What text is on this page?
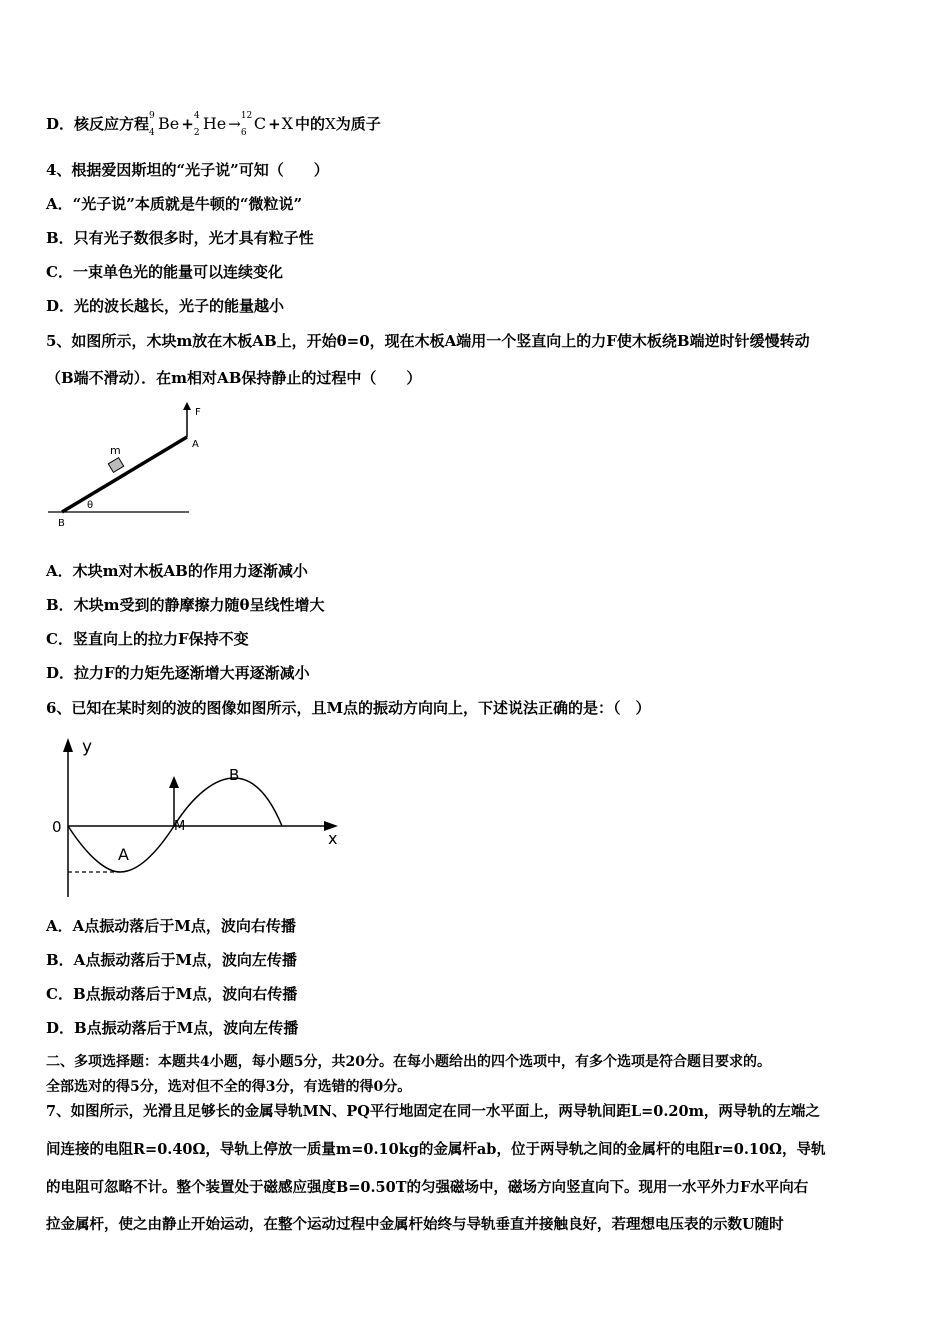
D．核反应方程 9
4 Be + 4
2 He → 12
6 C +X 中的X为质子
4、根据爱因斯坦的“光子说”可知（　　）
A．“光子说”本质就是牛顿的“微粒说”
B．只有光子数很多时，光才具有粒子性
C．一束单色光的能量可以连续变化
D．光的波长越长，光子的能量越小
5、如图所示，木块m放在木板AB上，开始θ=0，现在木板A端用一个竖直向上的力F使木板绕B端逆时针缓慢转动
（B端不滑动）．在m相对AB保持静止的过程中（　　）
F
A
m
θ
B
A．木块m对木板AB的作用力逐渐减小
B．木块m受到的静摩擦力随θ呈线性增大
C．竖直向上的拉力F保持不变
D．拉力F的力矩先逐渐增大再逐渐减小
6、已知在某时刻的波的图像如图所示，且M点的振动方向向上，下述说法正确的是：（　）
0
y
x
A
B
M
A．A点振动落后于M点，波向右传播
B．A点振动落后于M点，波向左传播
C．B点振动落后于M点，波向右传播
D．B点振动落后于M点，波向左传播
二、多项选择题：本题共4小题，每小题5分，共20分。在每小题给出的四个选项中，有多个选项是符合题目要求的。
全部选对的得5分，选对但不全的得3分，有选错的得0分。
7、如图所示，光滑且足够长的金属导轨MN、PQ平行地固定在同一水平面上，两导轨间距L=0.20m，两导轨的左端之
间连接的电阻R=0.40Ω，导轨上停放一质量m=0.10kg的金属杆ab，位于两导轨之间的金属杆的电阻r=0.10Ω，导轨
的电阻可忽略不计。整个装置处于磁感应强度B=0.50T的匀强磁场中，磁场方向竖直向下。现用一水平外力F水平向右
拉金属杆，使之由静止开始运动，在整个运动过程中金属杆始终与导轨垂直并接触良好，若理想电压表的示数U随时
